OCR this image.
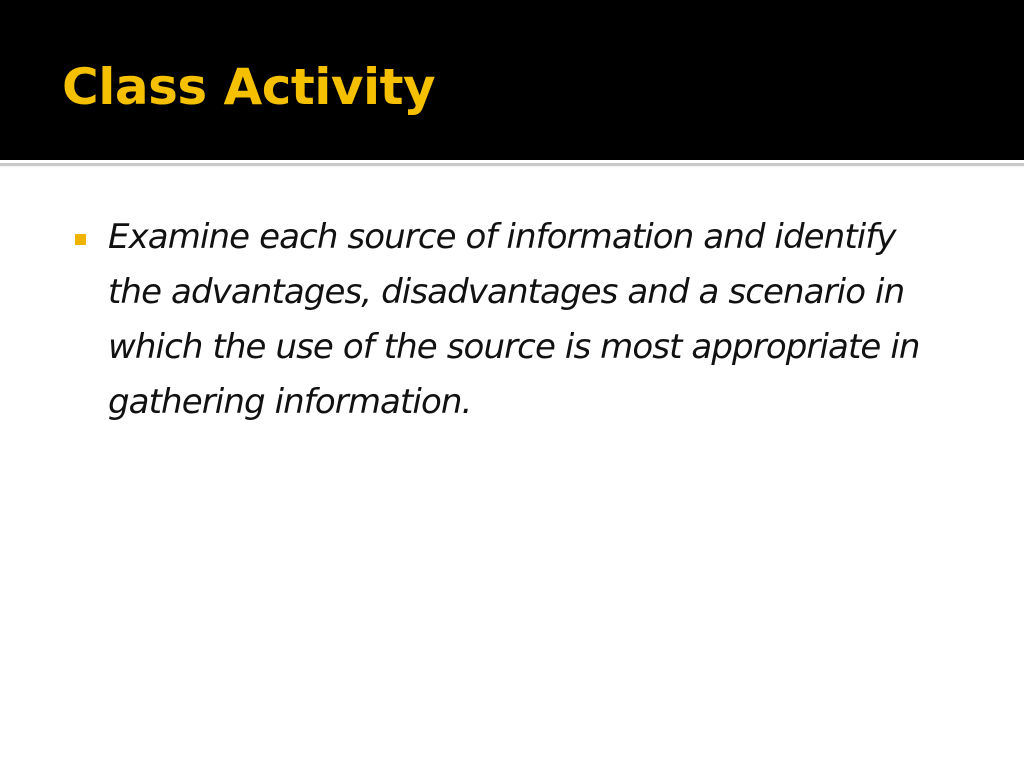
Class Activity

Examine each source of information and identify the advantages, disadvantages and a scenario in which the use of the source is most appropriate in gathering information.
